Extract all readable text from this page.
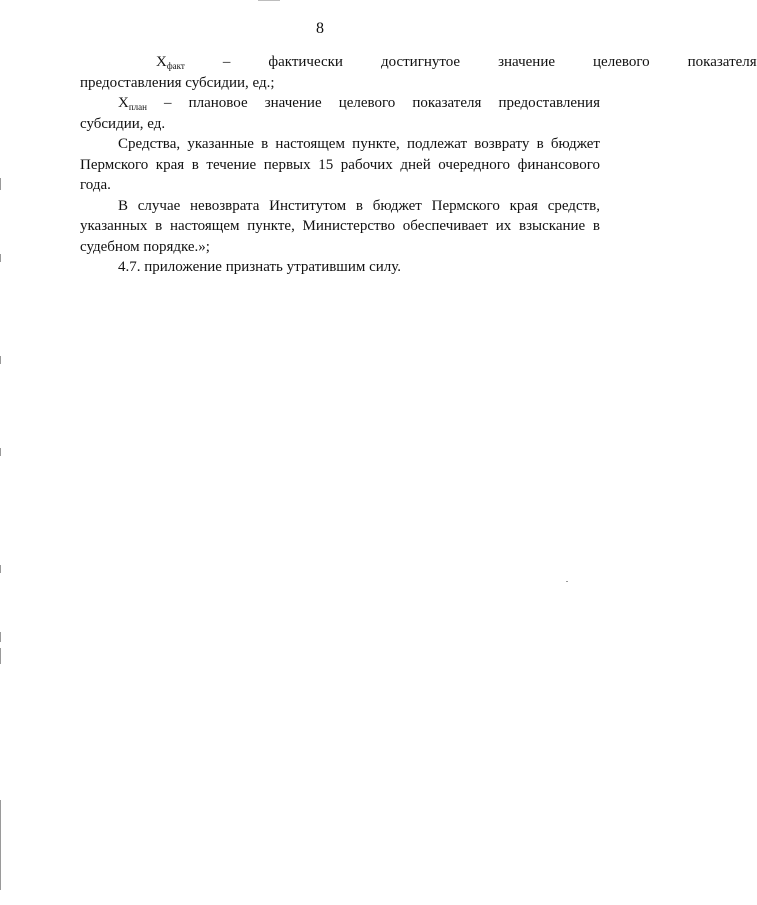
8
$X_{факт}$	–	фактически	достигнутое	значение	целевого	показателя

предоставления субсидии, ед.;

$X_{план}$ – плановое значение целевого показателя предоставления

субсидии, ед.

Средства, указанные в настоящем пункте, подлежат возврату в бюджет Пермского края в течение первых 15 рабочих дней очередного финансового года.

В случае невозврата Институтом в бюджет Пермского края средств, указанных в настоящем пункте, Министерство обеспечивает их взыскание в судебном порядке.»;

4.7. приложение признать утратившим силу.
